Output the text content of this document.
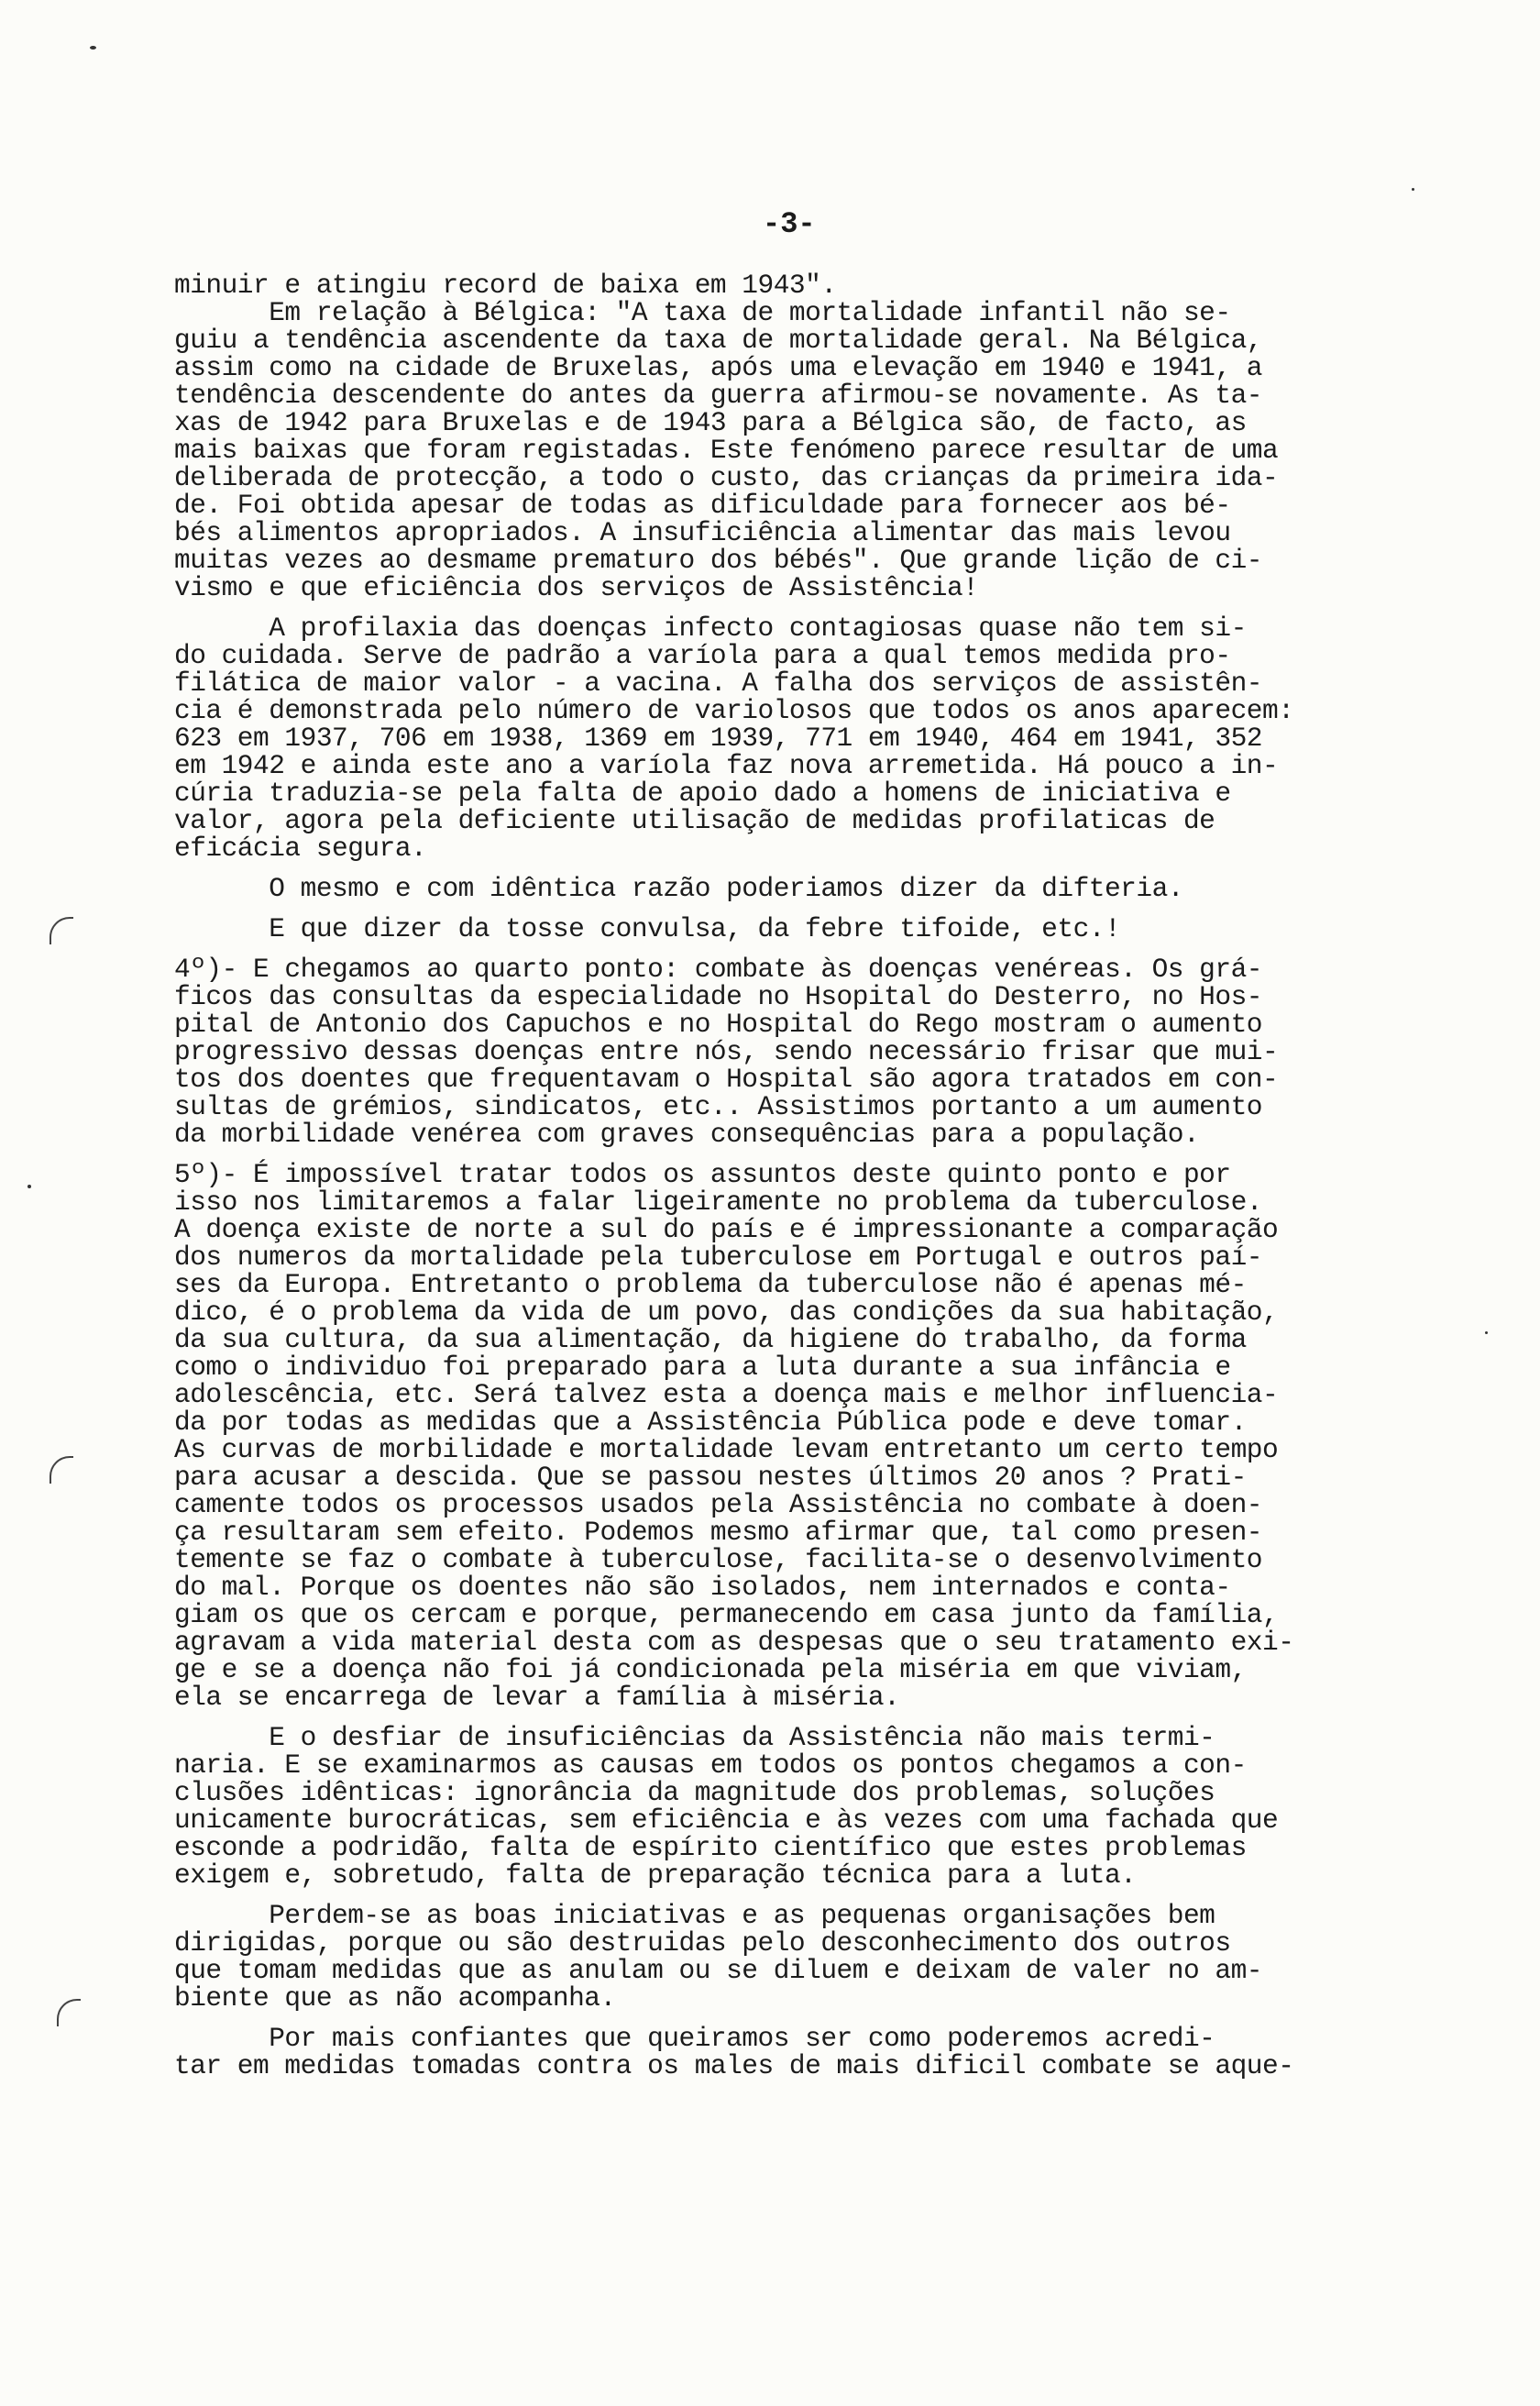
-3-
minuir e atingiu record de baixa em 1943".
Em relação à Bélgica: "A taxa de mortalidade infantil não se-
guiu a tendência ascendente da taxa de mortalidade geral. Na Bélgica,
assim como na cidade de Bruxelas, após uma elevação em 1940 e 1941, a
tendência descendente do antes da guerra afirmou-se novamente. As ta-
xas de 1942 para Bruxelas e de 1943 para a Bélgica são, de facto, as
mais baixas que foram registadas. Este fenómeno parece resultar de uma
deliberada de protecção, a todo o custo, das crianças da primeira ida-
de. Foi obtida apesar de todas as dificuldade para fornecer aos bé-
bés alimentos apropriados. A insuficiência alimentar das mais levou
muitas vezes ao desmame prematuro dos bébés". Que grande lição de ci-
vismo e que eficiência dos serviços de Assistência!
A profilaxia das doenças infecto contagiosas quase não tem si-
do cuidada. Serve de padrão a varíola para a qual temos medida pro-
filática de maior valor - a vacina. A falha dos serviços de assistên-
cia é demonstrada pelo número de variolosos que todos os anos aparecem:
623 em 1937, 706 em 1938, 1369 em 1939, 771 em 1940, 464 em 1941, 352
em 1942 e ainda este ano a varíola faz nova arremetida. Há pouco a in-
cúria traduzia-se pela falta de apoio dado a homens de iniciativa e
valor, agora pela deficiente utilisação de medidas profilaticas de
eficácia segura.
O mesmo e com idêntica razão poderiamos dizer da difteria.
E que dizer da tosse convulsa, da febre tifoide, etc.!
4º)- E chegamos ao quarto ponto: combate às doenças venéreas. Os grá-
ficos das consultas da especialidade no Hsopital do Desterro, no Hos-
pital de Antonio dos Capuchos e no Hospital do Rego mostram o aumento
progressivo dessas doenças entre nós, sendo necessário frisar que mui-
tos dos doentes que frequentavam o Hospital são agora tratados em con-
sultas de grémios, sindicatos, etc.. Assistimos portanto a um aumento
da morbilidade venérea com graves consequências para a população.
5º)- É impossível tratar todos os assuntos deste quinto ponto e por
isso nos limitaremos a falar ligeiramente no problema da tuberculose.
A doença existe de norte a sul do país e é impressionante a comparação
dos numeros da mortalidade pela tuberculose em Portugal e outros paí-
ses da Europa. Entretanto o problema da tuberculose não é apenas mé-
dico, é o problema da vida de um povo, das condições da sua habitação,
da sua cultura, da sua alimentação, da higiene do trabalho, da forma
como o individuo foi preparado para a luta durante a sua infância e
adolescência, etc. Será talvez esta a doença mais e melhor influencia-
da por todas as medidas que a Assistência Pública pode e deve tomar.
As curvas de morbilidade e mortalidade levam entretanto um certo tempo
para acusar a descida. Que se passou nestes últimos 20 anos ? Prati-
camente todos os processos usados pela Assistência no combate à doen-
ça resultaram sem efeito. Podemos mesmo afirmar que, tal como presen-
temente se faz o combate à tuberculose, facilita-se o desenvolvimento
do mal. Porque os doentes não são isolados, nem internados e conta-
giam os que os cercam e porque, permanecendo em casa junto da família,
agravam a vida material desta com as despesas que o seu tratamento exi-
ge e se a doença não foi já condicionada pela miséria em que viviam,
ela se encarrega de levar a família à miséria.
E o desfiar de insuficiências da Assistência não mais termi-
naria. E se examinarmos as causas em todos os pontos chegamos a con-
clusões idênticas: ignorância da magnitude dos problemas, soluções
unicamente burocráticas, sem eficiência e às vezes com uma fachada que
esconde a podridão, falta de espírito científico que estes problemas
exigem e, sobretudo, falta de preparação técnica para a luta.
Perdem-se as boas iniciativas e as pequenas organisações bem
dirigidas, porque ou são destruidas pelo desconhecimento dos outros
que tomam medidas que as anulam ou se diluem e deixam de valer no am-
biente que as não acompanha.
Por mais confiantes que queiramos ser como poderemos acredi-
tar em medidas tomadas contra os males de mais dificil combate se aque-
